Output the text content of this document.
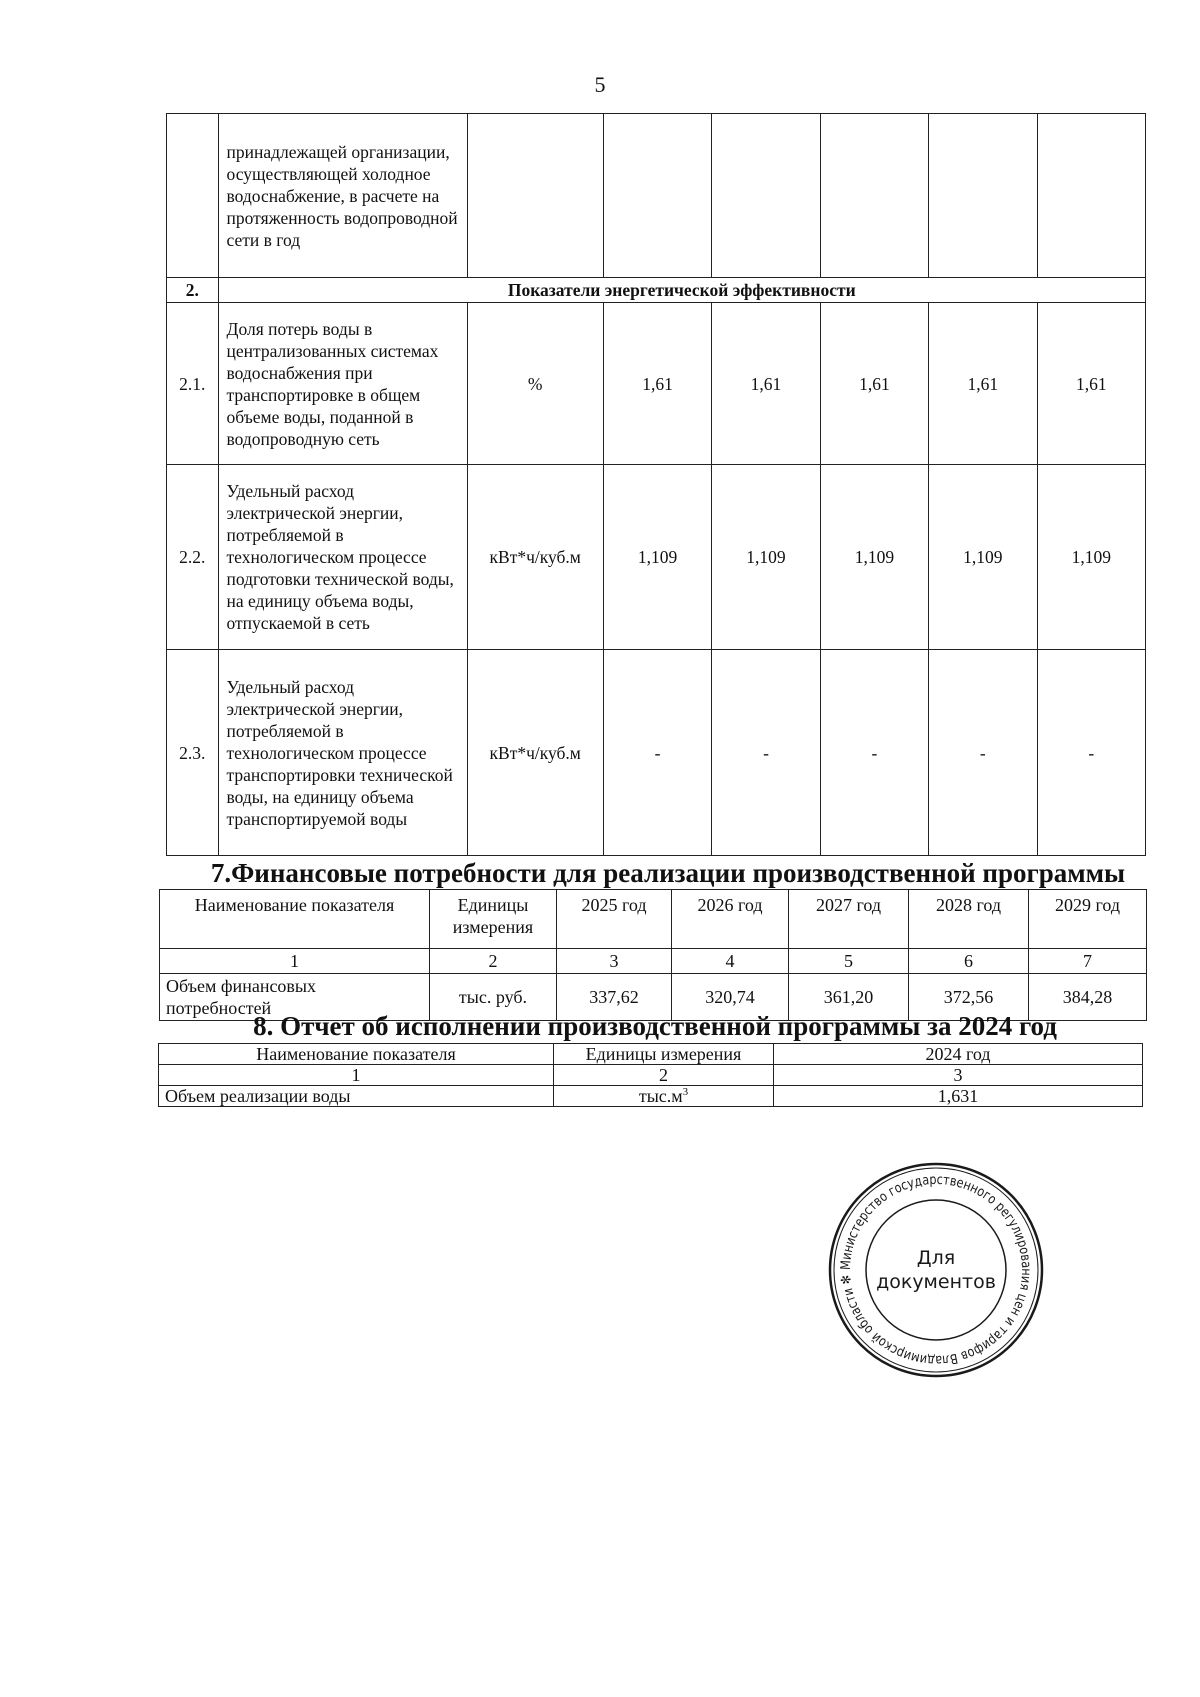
5
	принадлежащей организации, осуществляющей холодное водоснабжение, в расчете на протяженность водопроводной сети в год						
2.	Показатели энергетической эффективности						
2.1.	Доля потерь воды в централизованных системах водоснабжения при транспортировке в общем объеме воды, поданной в водопроводную сеть	%	1,61	1,61	1,61	1,61	1,61
2.2.	Удельный расход электрической энергии, потребляемой в технологическом процессе подготовки технической воды, на единицу объема воды, отпускаемой в сеть	кВт*ч/куб.м	1,109	1,109	1,109	1,109	1,109
2.3.	Удельный расход электрической энергии, потребляемой в технологическом процессе транспортировки технической воды, на единицу объема транспортируемой воды	кВт*ч/куб.м	-	-	-	-	-
7.Финансовые потребности для реализации производственной программы
Наименование показателя	Единицы измерения	2025 год	2026 год	2027 год	2028 год	2029 год
1	2	3	4	5	6	7
Объем финансовых потребностей	тыс. руб.	337,62	320,74	361,20	372,56	384,28
8. Отчет об исполнении производственной программы за 2024 год
Наименование показателя	Единицы измерения	2024 год
1	2	3
Объем реализации воды	$тыс.м^3$	1,631
Министерство государственного регулирования цен и тарифов Владимирской области ✻
Для
документов
